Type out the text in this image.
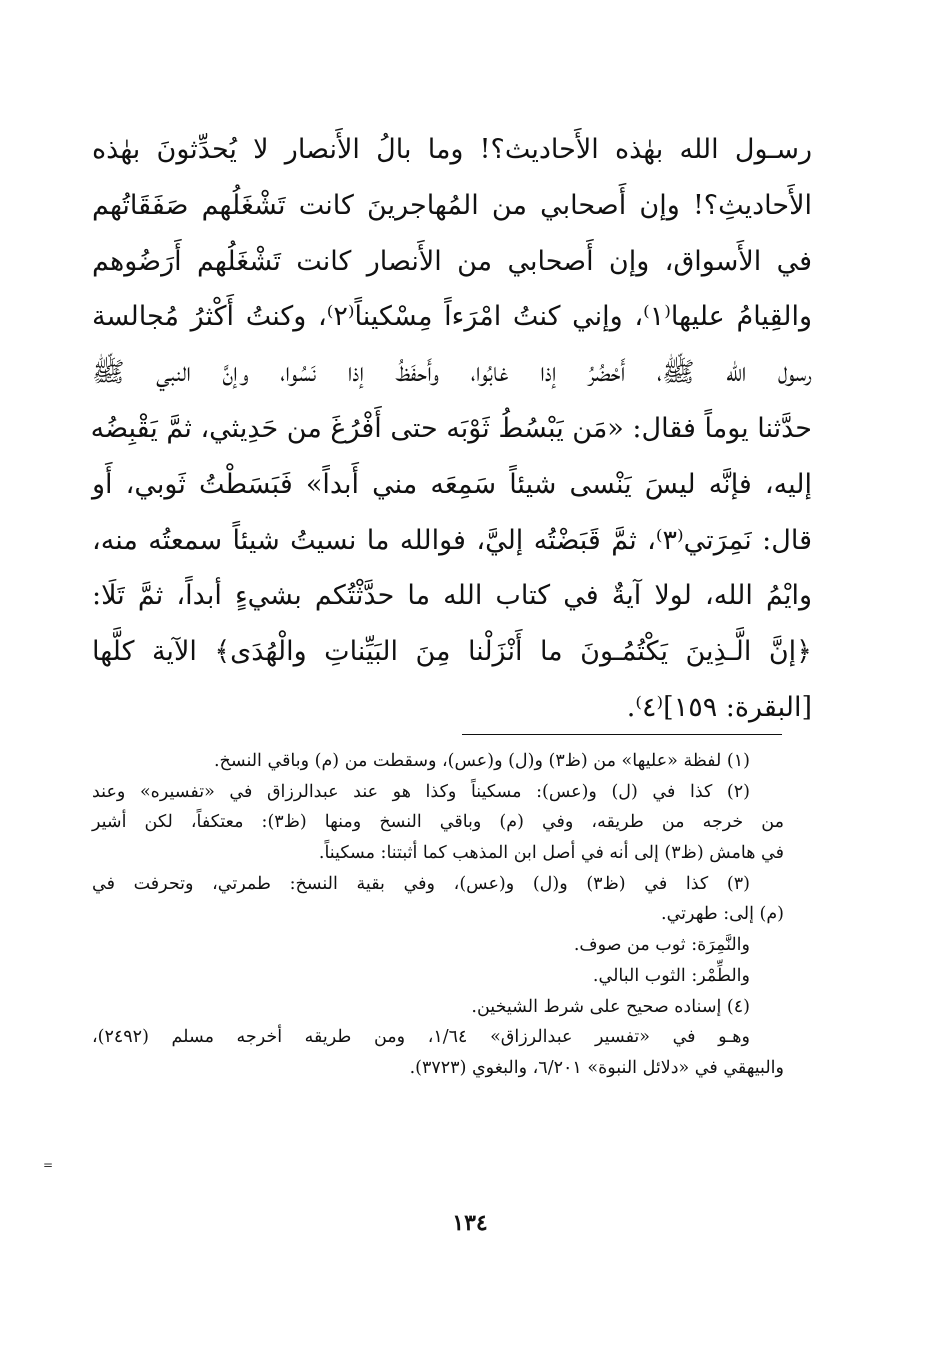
رسـول الله بهٰذه الأَحاديث؟! وما بالُ الأَنصار لا يُحدِّثونَ بهٰذه
الأَحاديثِ؟! وإن أَصحابي من المُهاجرينَ كانت تَشْغَلُهم صَفَقَاتُهم
في الأَسواق، وإن أَصحابي من الأَنصار كانت تَشْغَلُهم أَرَضُوهم
والقِيامُ عليها⁽١⁾، وإني كنتُ امْرَءاً مِسْكيناً⁽٢⁾، وكنتُ أَكْثرُ مُجالسة
رسول الله ﷺ، أَحْضُرُ إذا غابُوا، وأَحفَظُ إذا نَسُوا، وإنَّ النبي ﷺ
حدَّثنا يوماً فقال: «مَن يَبْسُطُ ثَوْبَه حتى أَفْرُغَ من حَدِيثي، ثمَّ يَقْبِضُه
إليه، فإنَّه ليسَ يَنْسى شيئاً سَمِعَه مني أَبداً» فَبَسَطْتُ ثَوبي، أَو
قال: نَمِرَتي⁽٣⁾، ثمَّ قَبَضْتُه إليَّ، فوالله ما نسيتُ شيئاً سمعتُه منه،
وايْمُ الله، لولا آيةٌ في كتاب الله ما حدَّثْتُكم بشيءٍ أبداً، ثمَّ تَلَا:
﴿إنَّ الَّـذِينَ يَكْتُمُـونَ ما أَنْزَلْنا مِنَ البَيِّناتِ والْهُدَى﴾ الآية كلَّها
[البقرة: ١٥٩]⁽٤⁾.
(١) لفظة «عليها» من (ظ٣) و(ل) و(عس)، وسقطت من (م) وباقي النسخ.
(٢) كذا في (ل) و(عس): مسكيناً وكذا هو عند عبدالرزاق في «تفسيره» وعند
من خرجه من طريقه، وفي (م) وباقي النسخ ومنها (ظ٣): معتكفاً، لكن أشير
في هامش (ظ٣) إلى أنه في أصل ابن المذهب كما أثبتنا: مسكيناً.
(٣) كذا في (ظ٣) و(ل) و(عس)، وفي بقية النسخ: طمرتي، وتحرفت في
(م) إلى: طهرتي.
والنَّمِرَة: ثوب من صوف.
والطِّمْر: الثوب البالي.
(٤) إسناده صحيح على شرط الشيخين.
وهـو في «تفسير عبدالرزاق» ١/٦٤، ومن طريقه أخرجه مسلم (٢٤٩٢)،
والبيهقي في «دلائل النبوة» ٦/٢٠١، والبغوي (٣٧٢٣).
=
١٣٤
